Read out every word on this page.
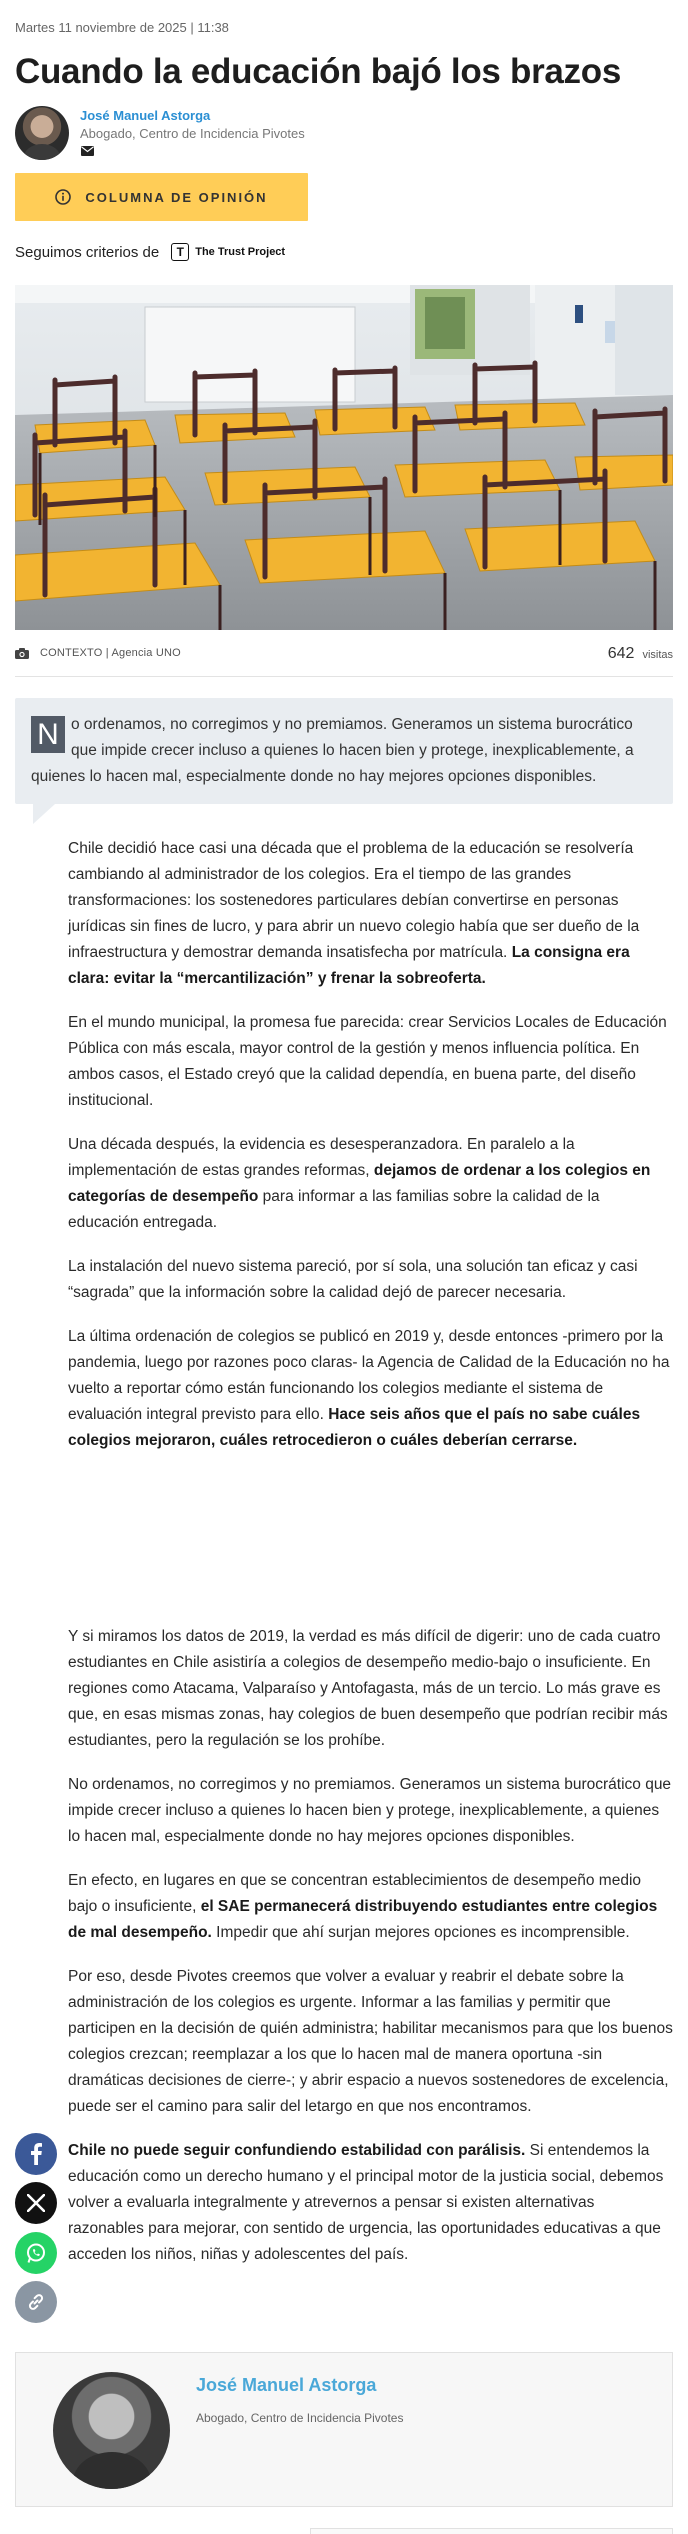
Martes 11 noviembre de 2025 | 11:38
Cuando la educación bajó los brazos
José Manuel Astorga
Abogado, Centro de Incidencia Pivotes
COLUMNA DE OPINIÓN
Seguimos criterios de	T	The Trust Project
CONTEXTO | Agencia UNO	642 visitas

N o ordenamos, no corregimos y no premiamos. Generamos un sistema burocrático que impide crecer incluso a quienes lo hacen bien y protege, inexplicablemente, a quienes lo hacen mal, especialmente donde no hay mejores opciones disponibles.

Chile decidió hace casi una década que el problema de la educación se resolvería cambiando al administrador de los colegios. Era el tiempo de las grandes transformaciones: los sostenedores particulares debían convertirse en personas jurídicas sin fines de lucro, y para abrir un nuevo colegio había que ser dueño de la infraestructura y demostrar demanda insatisfecha por matrícula. La consigna era clara: evitar la “mercantilización” y frenar la sobreoferta.

En el mundo municipal, la promesa fue parecida: crear Servicios Locales de Educación Pública con más escala, mayor control de la gestión y menos influencia política. En ambos casos, el Estado creyó que la calidad dependía, en buena parte, del diseño institucional.

Una década después, la evidencia es desesperanzadora. En paralelo a la implementación de estas grandes reformas, dejamos de ordenar a los colegios en categorías de desempeño para informar a las familias sobre la calidad de la educación entregada.

La instalación del nuevo sistema pareció, por sí sola, una solución tan eficaz y casi “sagrada” que la información sobre la calidad dejó de parecer necesaria.

La última ordenación de colegios se publicó en 2019 y, desde entonces -primero por la pandemia, luego por razones poco claras- la Agencia de Calidad de la Educación no ha vuelto a reportar cómo están funcionando los colegios mediante el sistema de evaluación integral previsto para ello. Hace seis años que el país no sabe cuáles colegios mejoraron, cuáles retrocedieron o cuáles deberían cerrarse.

Y si miramos los datos de 2019, la verdad es más difícil de digerir: uno de cada cuatro estudiantes en Chile asistiría a colegios de desempeño medio-bajo o insuficiente. En regiones como Atacama, Valparaíso y Antofagasta, más de un tercio. Lo más grave es que, en esas mismas zonas, hay colegios de buen desempeño que podrían recibir más estudiantes, pero la regulación se los prohíbe.

No ordenamos, no corregimos y no premiamos. Generamos un sistema burocrático que impide crecer incluso a quienes lo hacen bien y protege, inexplicablemente, a quienes lo hacen mal, especialmente donde no hay mejores opciones disponibles.

En efecto, en lugares en que se concentran establecimientos de desempeño medio bajo o insuficiente, el SAE permanecerá distribuyendo estudiantes entre colegios de mal desempeño. Impedir que ahí surjan mejores opciones es incomprensible.

Por eso, desde Pivotes creemos que volver a evaluar y reabrir el debate sobre la administración de los colegios es urgente. Informar a las familias y permitir que participen en la decisión de quién administra; habilitar mecanismos para que los buenos colegios crezcan; reemplazar a los que lo hacen mal de manera oportuna -sin dramáticas decisiones de cierre-; y abrir espacio a nuevos sostenedores de excelencia, puede ser el camino para salir del letargo en que nos encontramos.

Chile no puede seguir confundiendo estabilidad con parálisis. Si entendemos la educación como un derecho humano y el principal motor de la justicia social, debemos volver a evaluarla integralmente y atrevernos a pensar si existen alternativas razonables para mejorar, con sentido de urgencia, las oportunidades educativas a que acceden los niños, niñas y adolescentes del país.

José Manuel Astorga
Abogado, Centro de Incidencia Pivotes
